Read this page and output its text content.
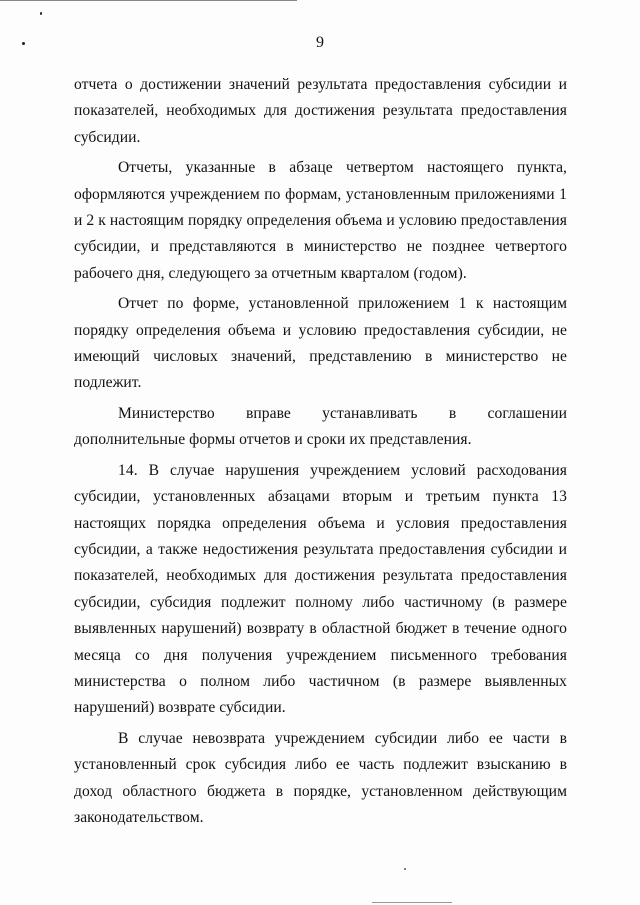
9

отчета о достижении значений результата предоставления субсидии и показателей, необходимых для достижения результата предоставления субсидии.

Отчеты, указанные в абзаце четвертом настоящего пункта, оформляются учреждением по формам, установленным приложениями 1 и 2 к настоящим порядку определения объема и условию предоставления субсидии, и представляются в министерство не позднее четвертого рабочего дня, следующего за отчетным кварталом (годом).

Отчет по форме, установленной приложением 1 к настоящим порядку определения объема и условию предоставления субсидии, не имеющий числовых значений, представлению в министерство не подлежит.

Министерство вправе устанавливать в соглашении дополнительные формы отчетов и сроки их представления.

14. В случае нарушения учреждением условий расходования субсидии, установленных абзацами вторым и третьим пункта 13 настоящих порядка определения объема и условия предоставления субсидии, а также недостижения результата предоставления субсидии и показателей, необходимых для достижения результата предоставления субсидии, субсидия подлежит полному либо частичному (в размере выявленных нарушений) возврату в областной бюджет в течение одного месяца со дня получения учреждением письменного требования министерства о полном либо частичном (в размере выявленных нарушений) возврате субсидии.

В случае невозврата учреждением субсидии либо ее части в установленный срок субсидия либо ее часть подлежит взысканию в доход областного бюджета в порядке, установленном действующим законодательством.
